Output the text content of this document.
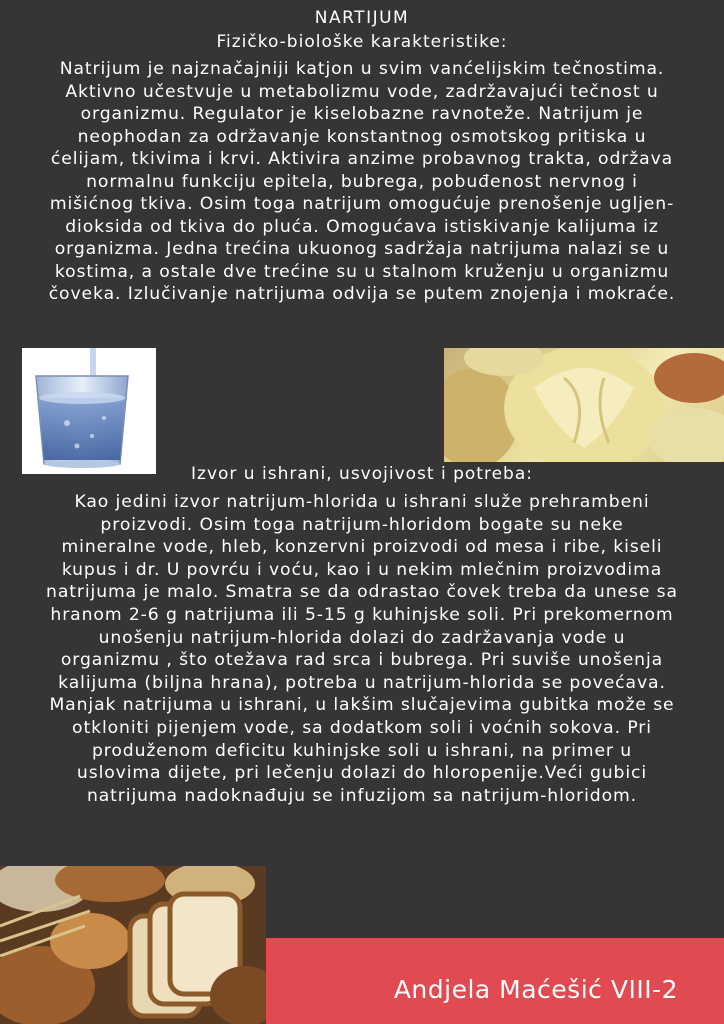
NARTIJUM
Fizičko-biološke karakteristike:

Natrijum je najznačajniji katjon u svim vanćelijskim tečnostima.
Aktivno učestvuje u metabolizmu vode, zadržavajući tečnost u
organizmu. Regulator je kiselobazne ravnoteže. Natrijum je
neophodan za održavanje konstantnog osmotskog pritiska u
ćelijam, tkivima i krvi. Aktivira anzime probavnog trakta, održava
normalnu funkciju epitela, bubrega, pobuđenost nervnog i
mišićnog tkiva. Osim toga natrijum omogućuje prenošenje ugljen-
dioksida od tkiva do pluća. Omogućava istiskivanje kalijuma iz
organizma. Jedna trećina ukuonog sadržaja natrijuma nalazi se u
kostima, a ostale dve trećine su u stalnom kruženju u organizmu
čoveka. Izlučivanje natrijuma odvija se putem znojenja i mokraće.

Izvor u ishrani, usvojivost i potreba:

Kao jedini izvor natrijum-hlorida u ishrani služe prehrambeni
proizvodi. Osim toga natrijum-hloridom bogate su neke
mineralne vode, hleb, konzervni proizvodi od mesa i ribe, kiseli
kupus i dr. U povrću i voću, kao i u nekim mlečnim proizvodima
natrijuma je malo. Smatra se da odrastao čovek treba da unese sa
hranom 2-6 g natrijuma ili 5-15 g kuhinjske soli. Pri prekomernom
unošenju natrijum-hlorida dolazi do zadržavanja vode u
organizmu , što otežava rad srca i bubrega. Pri suviše unošenja
kalijuma (biljna hrana), potreba u natrijum-hlorida se povećava.
Manjak natrijuma u ishrani, u lakšim slučajevima gubitka može se
otkloniti pijenjem vode, sa dodatkom soli i voćnih sokova. Pri
produženom deficitu kuhinjske soli u ishrani, na primer u
uslovima dijete, pri lečenju dolazi do hloropenije.Veći gubici
natrijuma nadoknađuju se infuzijom sa natrijum-hloridom.

Andjela Maćešić VIII-2
